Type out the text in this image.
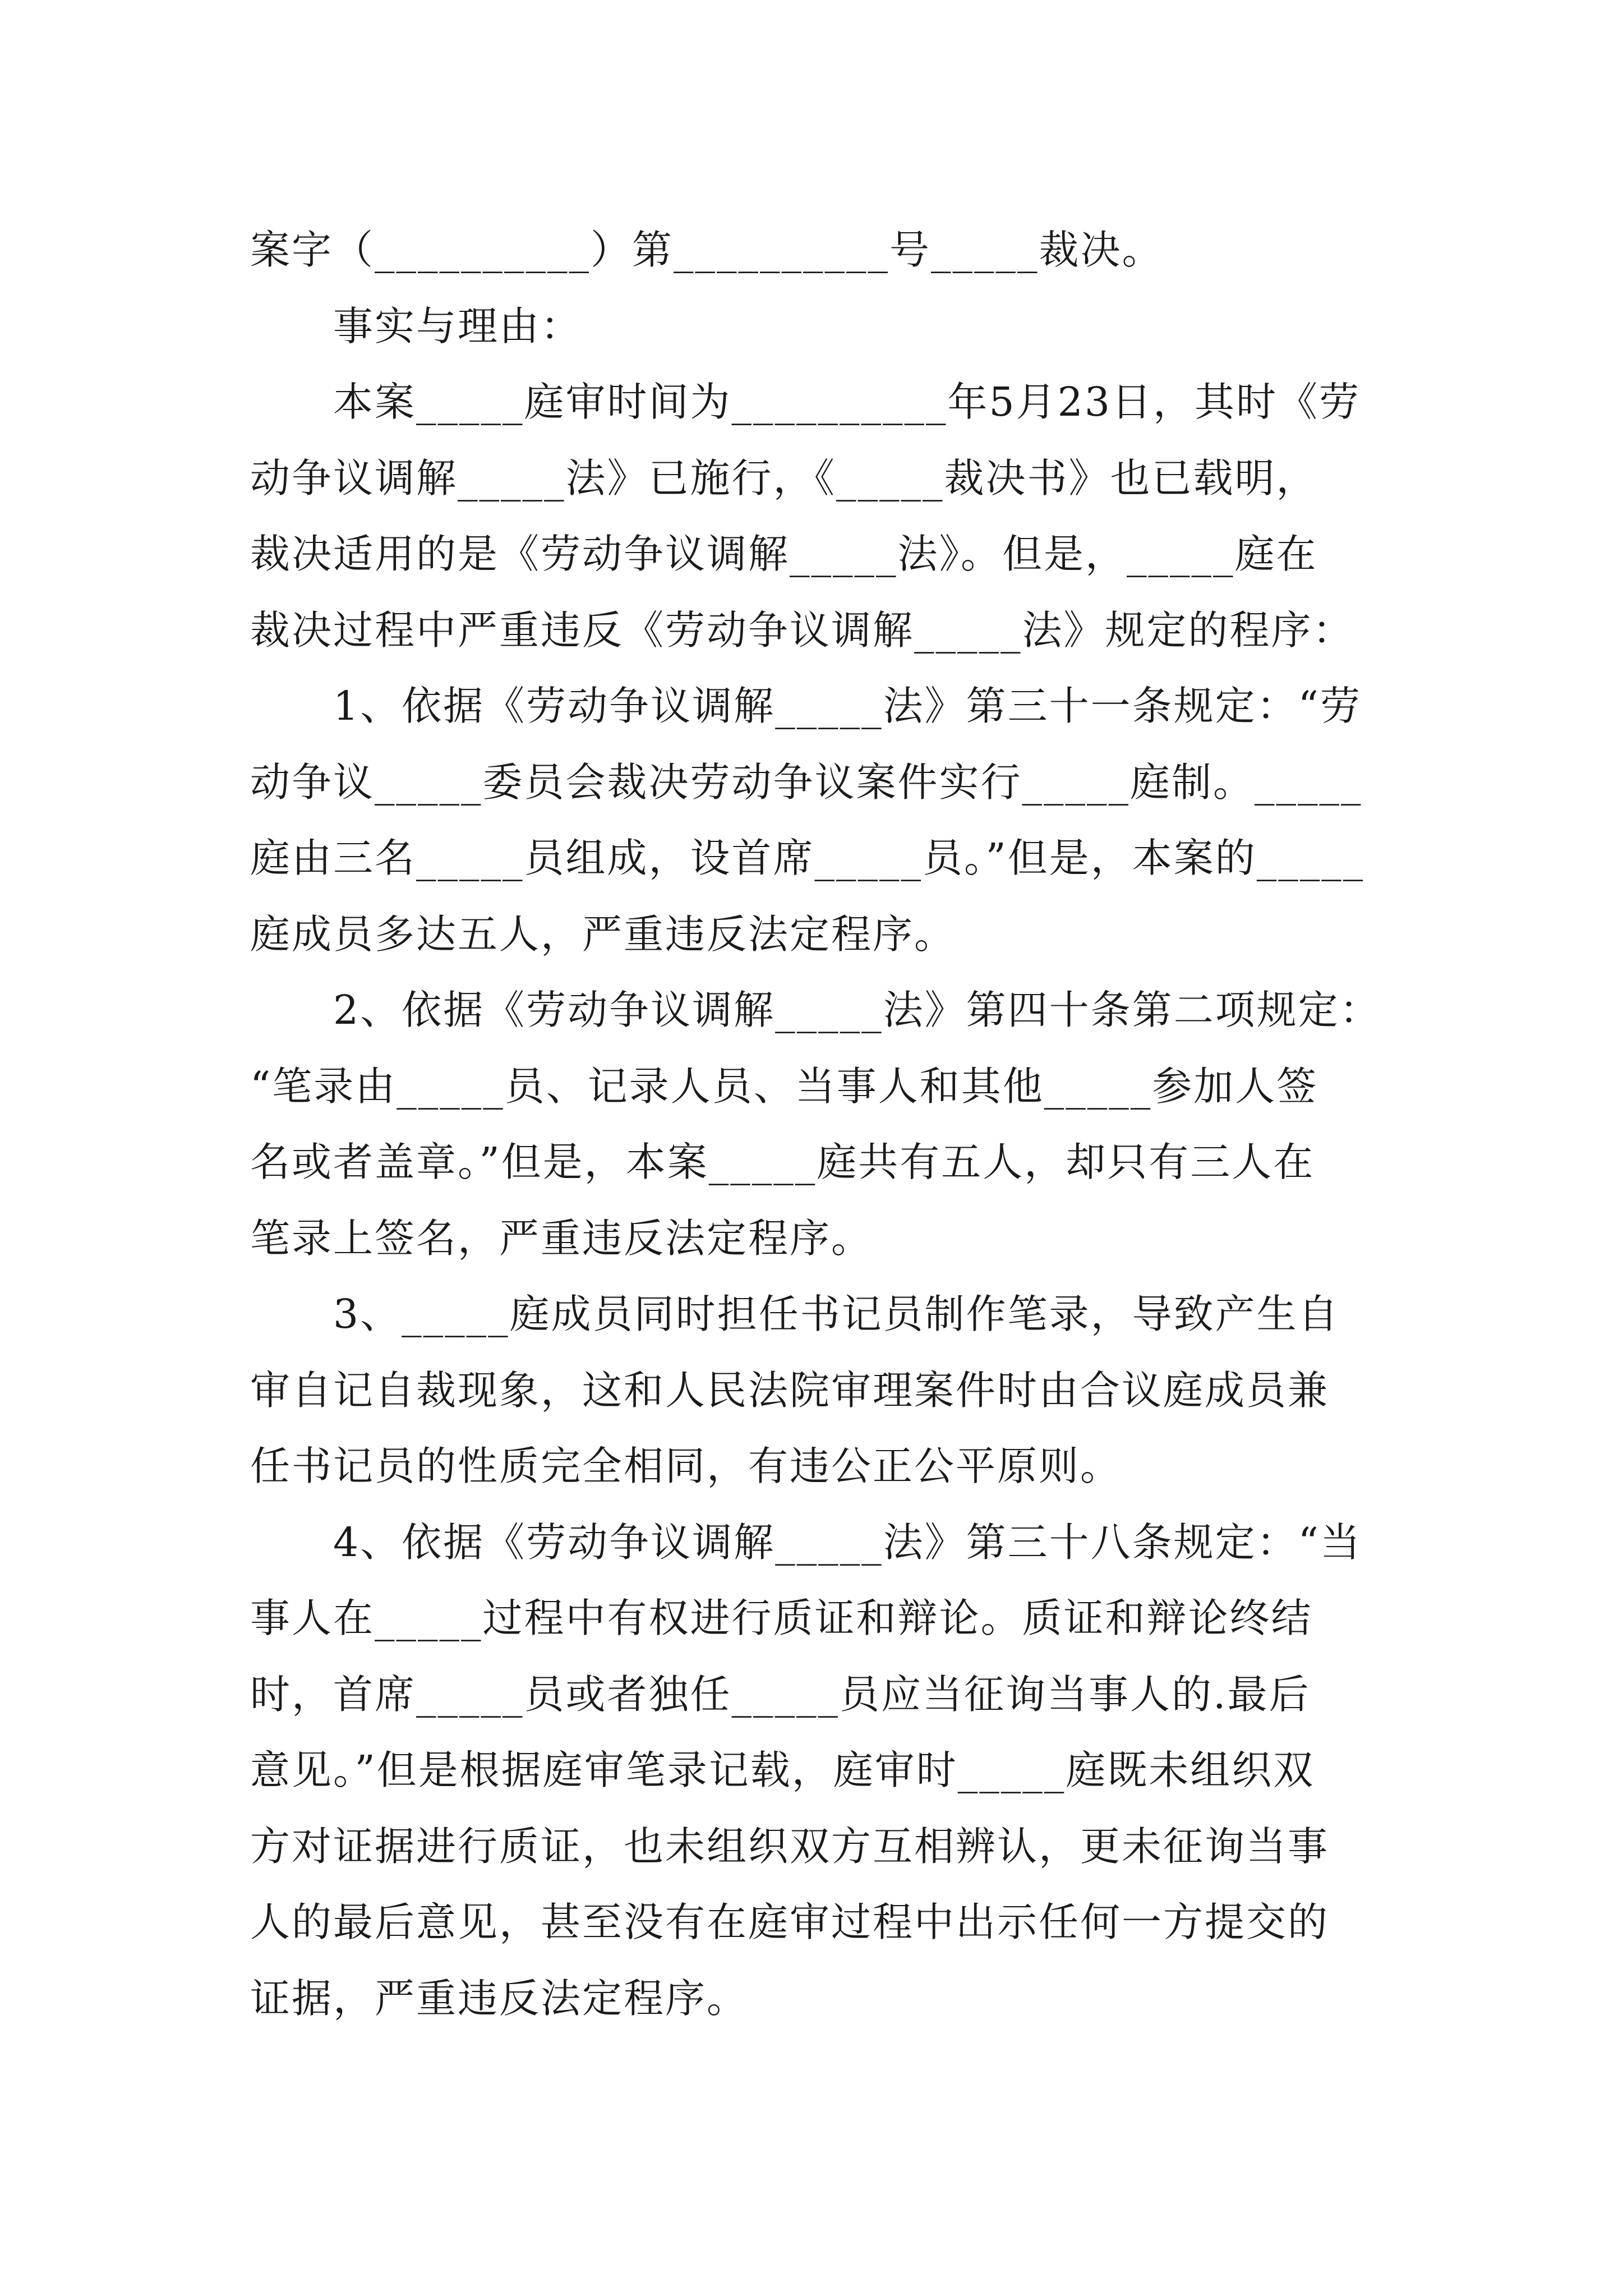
案字（__________）第__________号_____裁决。
事实与理由：
本案_____庭审时间为__________年5月23日，其时《劳
动争议调解_____法》已施行，《_____裁决书》也已载明，
裁决适用的是《劳动争议调解_____法》。但是，_____庭在
裁决过程中严重违反《劳动争议调解_____法》规定的程序：
1、依据《劳动争议调解_____法》第三十一条规定：“劳
动争议_____委员会裁决劳动争议案件实行_____庭制。_____
庭由三名_____员组成，设首席_____员。”但是，本案的_____
庭成员多达五人，严重违反法定程序。
2、依据《劳动争议调解_____法》第四十条第二项规定：
“笔录由_____员、记录人员、当事人和其他_____参加人签
名或者盖章。”但是，本案_____庭共有五人，却只有三人在
笔录上签名，严重违反法定程序。
3、_____庭成员同时担任书记员制作笔录，导致产生自
审自记自裁现象，这和人民法院审理案件时由合议庭成员兼
任书记员的性质完全相同，有违公正公平原则。
4、依据《劳动争议调解_____法》第三十八条规定：“当
事人在_____过程中有权进行质证和辩论。质证和辩论终结
时，首席_____员或者独任_____员应当征询当事人的.最后
意见。”但是根据庭审笔录记载，庭审时_____庭既未组织双
方对证据进行质证，也未组织双方互相辨认，更未征询当事
人的最后意见，甚至没有在庭审过程中出示任何一方提交的
证据，严重违反法定程序。
